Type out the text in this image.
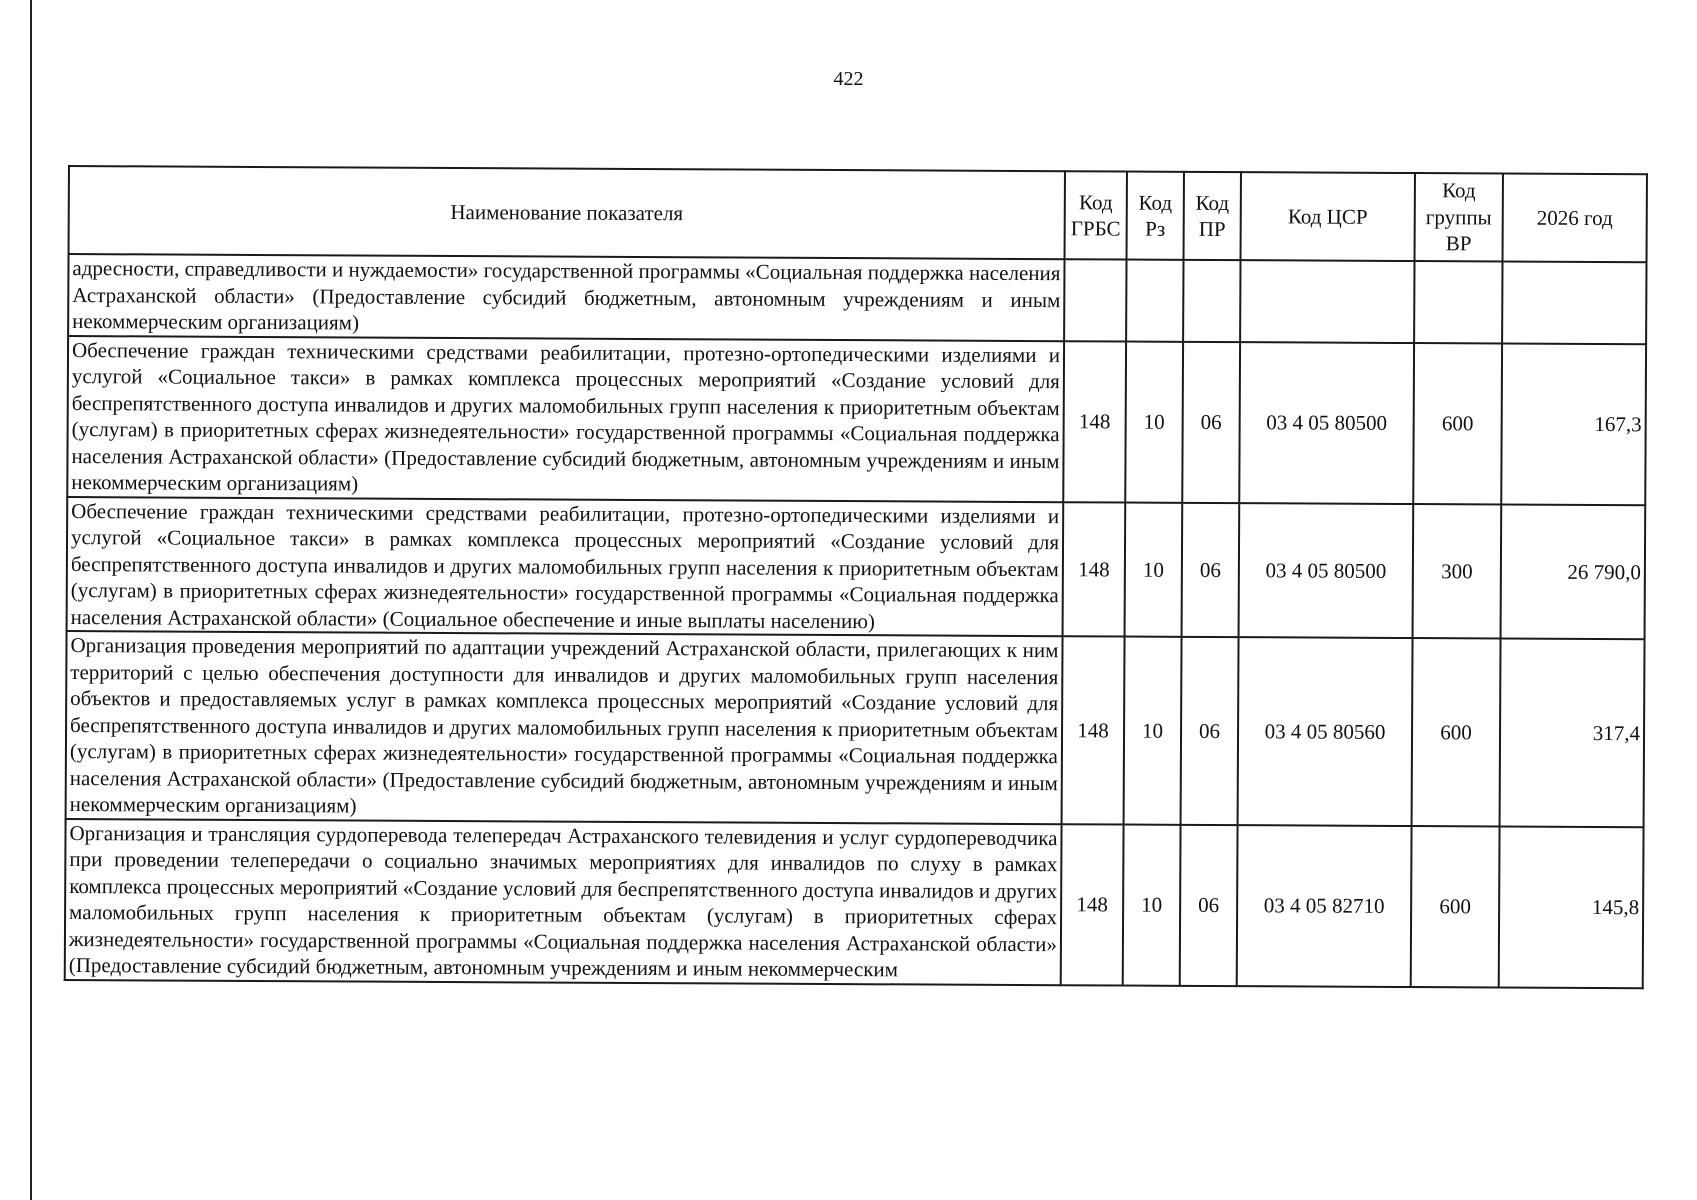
422
Наименование показателя	Код ГРБС	Код Рз	Код ПР	Код ЦСР	Код группы ВР	2026 год
адресности, справедливости и нуждаемости» государственной программы «Социальная поддержка населения Астраханской области» (Предоставление субсидий бюджетным, автономным учреждениям и иным некоммерческим организациям)						
Обеспечение граждан техническими средствами реабилитации, протезно-ортопедическими изделиями и услугой «Социальное такси» в рамках комплекса процессных мероприятий «Создание условий для беспрепятственного доступа инвалидов и других маломобильных групп населения к приоритетным объектам (услугам) в приоритетных сферах жизнедеятельности» государственной программы «Социальная поддержка населения Астраханской области» (Предоставление субсидий бюджетным, автономным учреждениям и иным некоммерческим организациям)	148	10	06	03 4 05 80500	600	167,3
Обеспечение граждан техническими средствами реабилитации, протезно-ортопедическими изделиями и услугой «Социальное такси» в рамках комплекса процессных мероприятий «Создание условий для беспрепятственного доступа инвалидов и других маломобильных групп населения к приоритетным объектам (услугам) в приоритетных сферах жизнедеятельности» государственной программы «Социальная поддержка населения Астраханской области» (Социальное обеспечение и иные выплаты населению)	148	10	06	03 4 05 80500	300	26 790,0
Организация проведения мероприятий по адаптации учреждений Астраханской области, прилегающих к ним территорий с целью обеспечения доступности для инвалидов и других маломобильных групп населения объектов и предоставляемых услуг в рамках комплекса процессных мероприятий «Создание условий для беспрепятственного доступа инвалидов и других маломобильных групп населения к приоритетным объектам (услугам) в приоритетных сферах жизнедеятельности» государственной программы «Социальная поддержка населения Астраханской области» (Предоставление субсидий бюджетным, автономным учреждениям и иным некоммерческим организациям)	148	10	06	03 4 05 80560	600	317,4
Организация и трансляция сурдоперевода телепередач Астраханского телевидения и услуг сурдопереводчика при проведении телепередачи о социально значимых мероприятиях для инвалидов по слуху в рамках комплекса процессных мероприятий «Создание условий для беспрепятственного доступа инвалидов и других маломобильных групп населения к приоритетным объектам (услугам) в приоритетных сферах жизнедеятельности» государственной программы «Социальная поддержка населения Астраханской области» (Предоставление субсидий бюджетным, автономным учреждениям и иным некоммерческим	148	10	06	03 4 05 82710	600	145,8
